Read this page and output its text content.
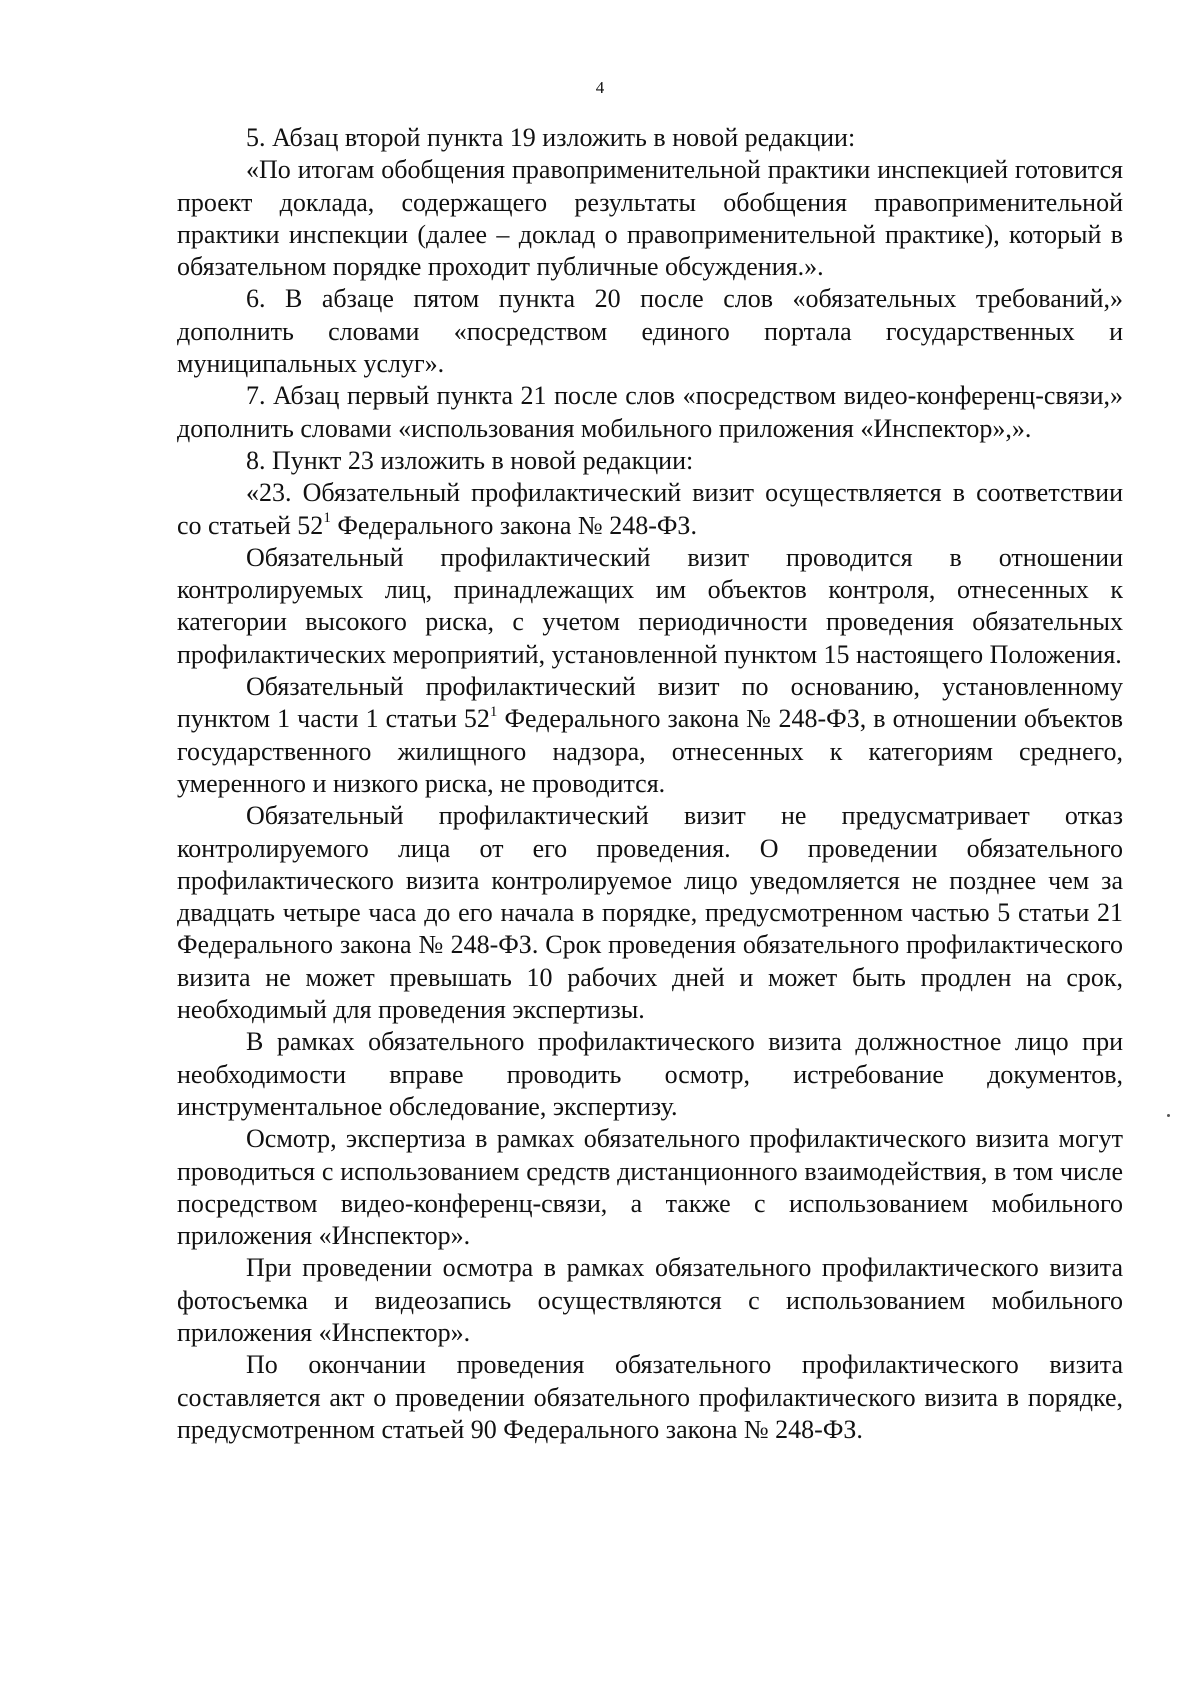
4

5. Абзац второй пункта 19 изложить в новой редакции:

«По итогам обобщения правоприменительной практики инспекцией готовится проект доклада, содержащего результаты обобщения правоприменительной практики инспекции (далее – доклад о правоприменительной практике), который в обязательном порядке проходит публичные обсуждения.».

6. В абзаце пятом пункта 20 после слов «обязательных требований,» дополнить словами «посредством единого портала государственных и муниципальных услуг».

7. Абзац первый пункта 21 после слов «посредством видео-конференц-связи,» дополнить словами «использования мобильного приложения «Инспектор»,».

8. Пункт 23 изложить в новой редакции:

«23. Обязательный профилактический визит осуществляется в соответствии со статьей $52^1$ Федерального закона № 248-ФЗ.

Обязательный профилактический визит проводится в отношении контролируемых лиц, принадлежащих им объектов контроля, отнесенных к категории высокого риска, с учетом периодичности проведения обязательных профилактических мероприятий, установленной пунктом 15 настоящего Положения.

Обязательный профилактический визит по основанию, установленному пунктом 1 части 1 статьи $52^1$ Федерального закона № 248-ФЗ, в отношении объектов государственного жилищного надзора, отнесенных к категориям среднего, умеренного и низкого риска, не проводится.

Обязательный профилактический визит не предусматривает отказ контролируемого лица от его проведения. О проведении обязательного профилактического визита контролируемое лицо уведомляется не позднее чем за двадцать четыре часа до его начала в порядке, предусмотренном частью 5 статьи 21 Федерального закона № 248-ФЗ. Срок проведения обязательного профилактического визита не может превышать 10 рабочих дней и может быть продлен на срок, необходимый для проведения экспертизы.

В рамках обязательного профилактического визита должностное лицо при необходимости вправе проводить осмотр, истребование документов, инструментальное обследование, экспертизу.

Осмотр, экспертиза в рамках обязательного профилактического визита могут проводиться с использованием средств дистанционного взаимодействия, в том числе посредством видео-конференц-связи, а также с использованием мобильного приложения «Инспектор».

При проведении осмотра в рамках обязательного профилактического визита фотосъемка и видеозапись осуществляются с использованием мобильного приложения «Инспектор».

По окончании проведения обязательного профилактического визита составляется акт о проведении обязательного профилактического визита в порядке, предусмотренном статьей 90 Федерального закона № 248-ФЗ.
